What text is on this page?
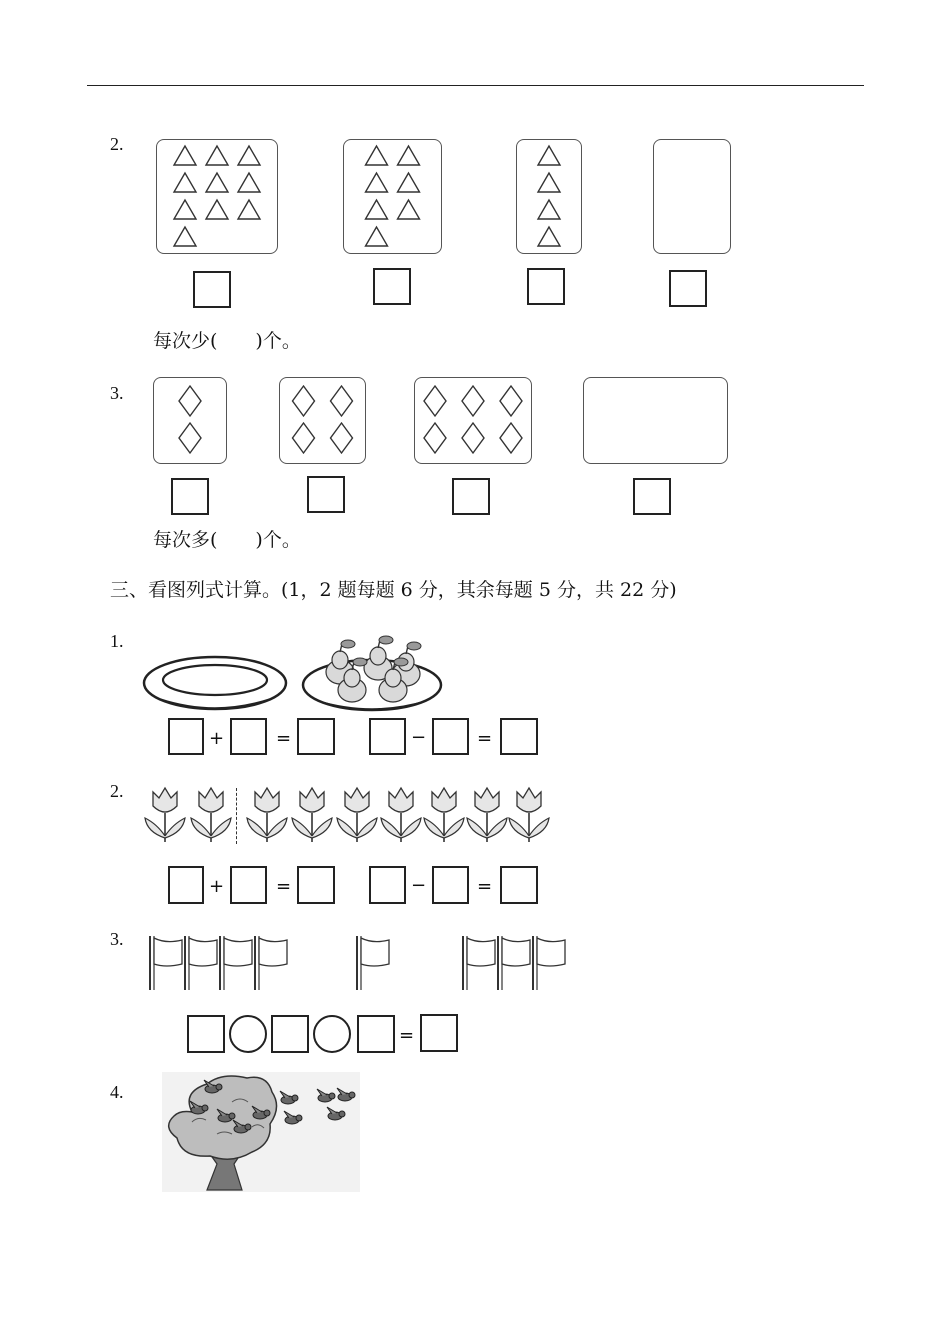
2.
每次少(　　)个。
3.
每次多(　　)个。
三、看图列式计算。(1，2 题每题 6 分，其余每题 5 分，共 22 分)
1.
+	=	−	=
2.
+	=	−	=
3.
=
4.
